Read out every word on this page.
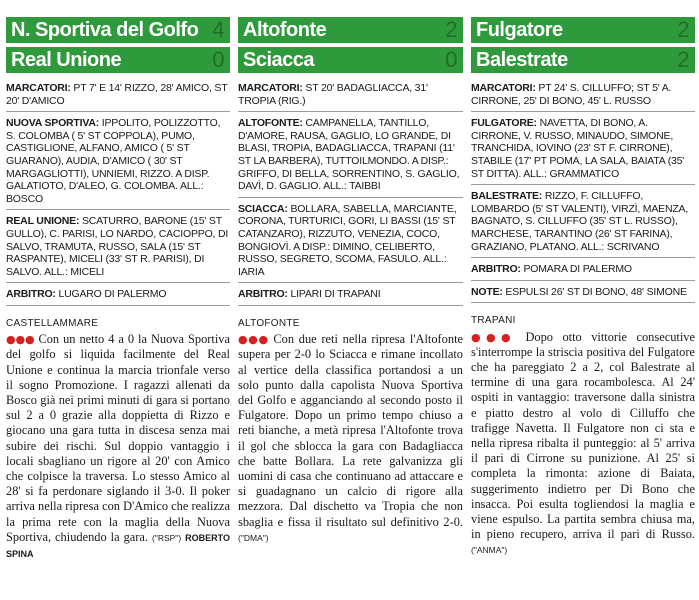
N. Sportiva del Golfo 4
Real Unione	0

MARCATORI: PT 7' E 14' RIZZO, 28' AMICO, ST 20' D'AMICO

NUOVA SPORTIVA: IPPOLITO, POLIZZOTTO, S. COLOMBA ( 5' ST COPPOLA), PUMO, CASTIGLIONE, ALFANO, AMICO ( 5' ST GUARANO), AUDIA, D'AMICO ( 30' ST MARGAGLIOTTI), UNNIEMI, RIZZO. A DISP. GALATIOTO, D'ALEO, G. COLOMBA. ALL.: BOSCO

REAL UNIONE: SCATURRO, BARONE (15' ST GULLO), C. PARISI, LO NARDO, CACIOPPO, DI SALVO, TRAMUTA, RUSSO, SALA (15' ST RASPANTE), MICELI (33' ST R. PARISI), DI SALVO. ALL.: MICELI

ARBITRO: LUGARO DI PALERMO

CASTELLAMMARE
●●● Con un netto 4 a 0 la Nuova Sportiva del golfo si liquida facilmente del Real Unione e continua la marcia trionfale verso il sogno Promozione. I ragazzi allenati da Bosco già nei primi minuti di gara si portano sul 2 a 0 grazie alla doppietta di Rizzo e giocano una gara tutta in discesa senza mai subire dei rischi. Sul doppio vantaggio i locali sbagliano un rigore al 20' con Amico che colpisce la traversa. Lo stesso Amico al 28' si fa perdonare siglando il 3-0. Il poker arriva nella ripresa con D'Amico che realizza la prima rete con la maglia della Nuova Sportiva, chiudendo la gara. ("RSP") ROBERTO SPINA
Altofonte	2
Sciacca	0

MARCATORI: ST 20' BADAGLIACCA, 31' TROPIA (RIG.)

ALTOFONTE: CAMPANELLA, TANTILLO, D'AMORE, RAUSA, GAGLIO, LO GRANDE, DI BLASI, TROPIA, BADAGLIACCA, TRAPANI (11' ST LA BARBERA), TUTTOILMONDO. A DISP.: GRIFFO, DI BELLA, SORRENTINO, S. GAGLIO, DAVÌ, D. GAGLIO. ALL.: TAIBBI

SCIACCA: BOLLARA, SABELLA, MARCIANTE, CORONA, TURTURICI, GORI, LI BASSI (15' ST CATANZARO), RIZZUTO, VENEZIA, COCO, BONGIOVÌ. A DISP.: DIMINO, CELIBERTO, RUSSO, SEGRETO, SCOMA, FASULO. ALL.: IARIA

ARBITRO: LIPARI DI TRAPANI

ALTOFONTE
●●● Con due reti nella ripresa l'Altofonte supera per 2-0 lo Sciacca e rimane incollato al vertice della classifica portandosi a un solo punto dalla capolista Nuova Sportiva del Golfo e agganciando al secondo posto il Fulgatore. Dopo un primo tempo chiuso a reti bianche, a metà ripresa l'Altofonte trova il gol che sblocca la gara con Badagliacca che batte Bollara. La rete galvanizza gli uomini di casa che continuano ad attaccare e si guadagnano un calcio di rigore alla mezzora. Dal dischetto va Tropia che non sbaglia e fissa il risultato sul definitivo 2-0. ("DMA")
Fulgatore	2
Balestrate	2

MARCATORI: PT 24' S. CILLUFFO; ST 5' A. CIRRONE, 25' DI BONO, 45' L. RUSSO

FULGATORE: NAVETTA, DI BONO, A. CIRRONE, V. RUSSO, MINAUDO, SIMONE, TRANCHIDA, IOVINO (23' ST F. CIRRONE), STABILE (17' PT POMA, LA SALA, BAIATA (35' ST DITTA). ALL.: GRAMMATICO

BALESTRATE: RIZZO, F. CILLUFFO, LOMBARDO (5' ST VALENTI), VIRZÌ, MAENZA, BAGNATO, S. CILLUFFO (35' ST L. RUSSO), MARCHESE, TARANTINO (26' ST FARINA), GRAZIANO, PLATANO. ALL.: SCRIVANO

ARBITRO: POMARA DI PALERMO

NOTE: ESPULSI 26' ST DI BONO, 48' SIMONE

TRAPANI
●●● Dopo otto vittorie consecutive s'interrompe la striscia positiva del Fulgatore che ha pareggiato 2 a 2, col Balestrate al termine di una gara rocambolesca. Al 24' ospiti in vantaggio: traversone dalla sinistra e piatto destro al volo di Cilluffo che trafigge Navetta. Il Fulgatore non ci sta e nella ripresa ribalta il punteggio: al 5' arriva il pari di Cirrone su punizione. Al 25' si completa la rimonta: azione di Baiata, suggerimento indietro per Di Bono che insacca. Poi esulta togliendosi la maglia e viene espulso. La partita sembra chiusa ma, in pieno recupero, arriva il pari di Russo. ("ANMA")
